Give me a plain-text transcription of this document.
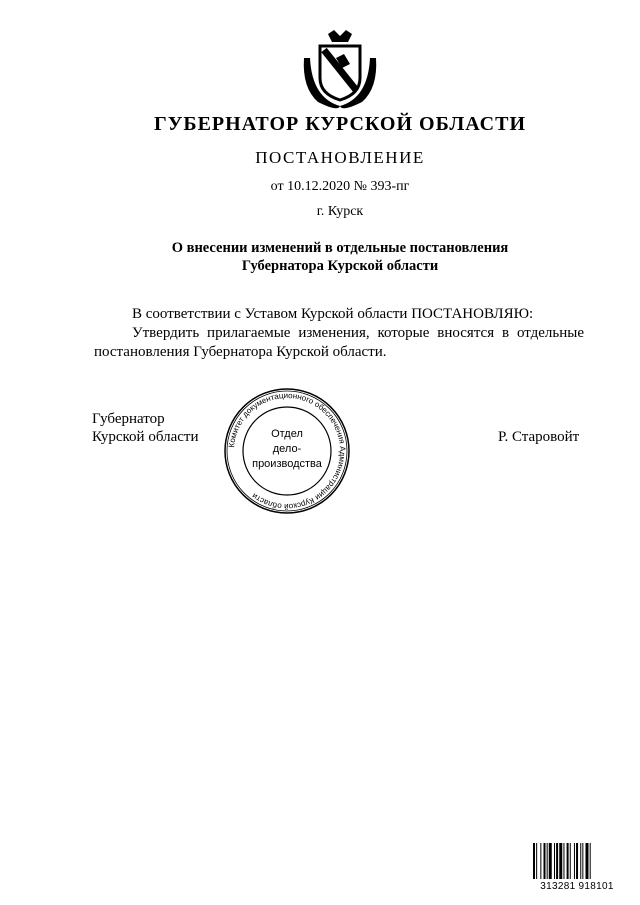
ГУБЕРНАТОР КУРСКОЙ ОБЛАСТИ
ПОСТАНОВЛЕНИЕ
от 10.12.2020 № 393-пг
г. Курск
О внесении изменений в отдельные постановления
Губернатора Курской области
В соответствии с Уставом Курской области ПОСТАНОВЛЯЮ:
Утвердить прилагаемые изменения, которые вносятся в отдельные
постановления Губернатора Курской области.
Губернатор
Курской области	Р. Старовойт
Комитет документационного обеспечения Администрации Курской области
Отдел
дело-
производства
313281 918101
